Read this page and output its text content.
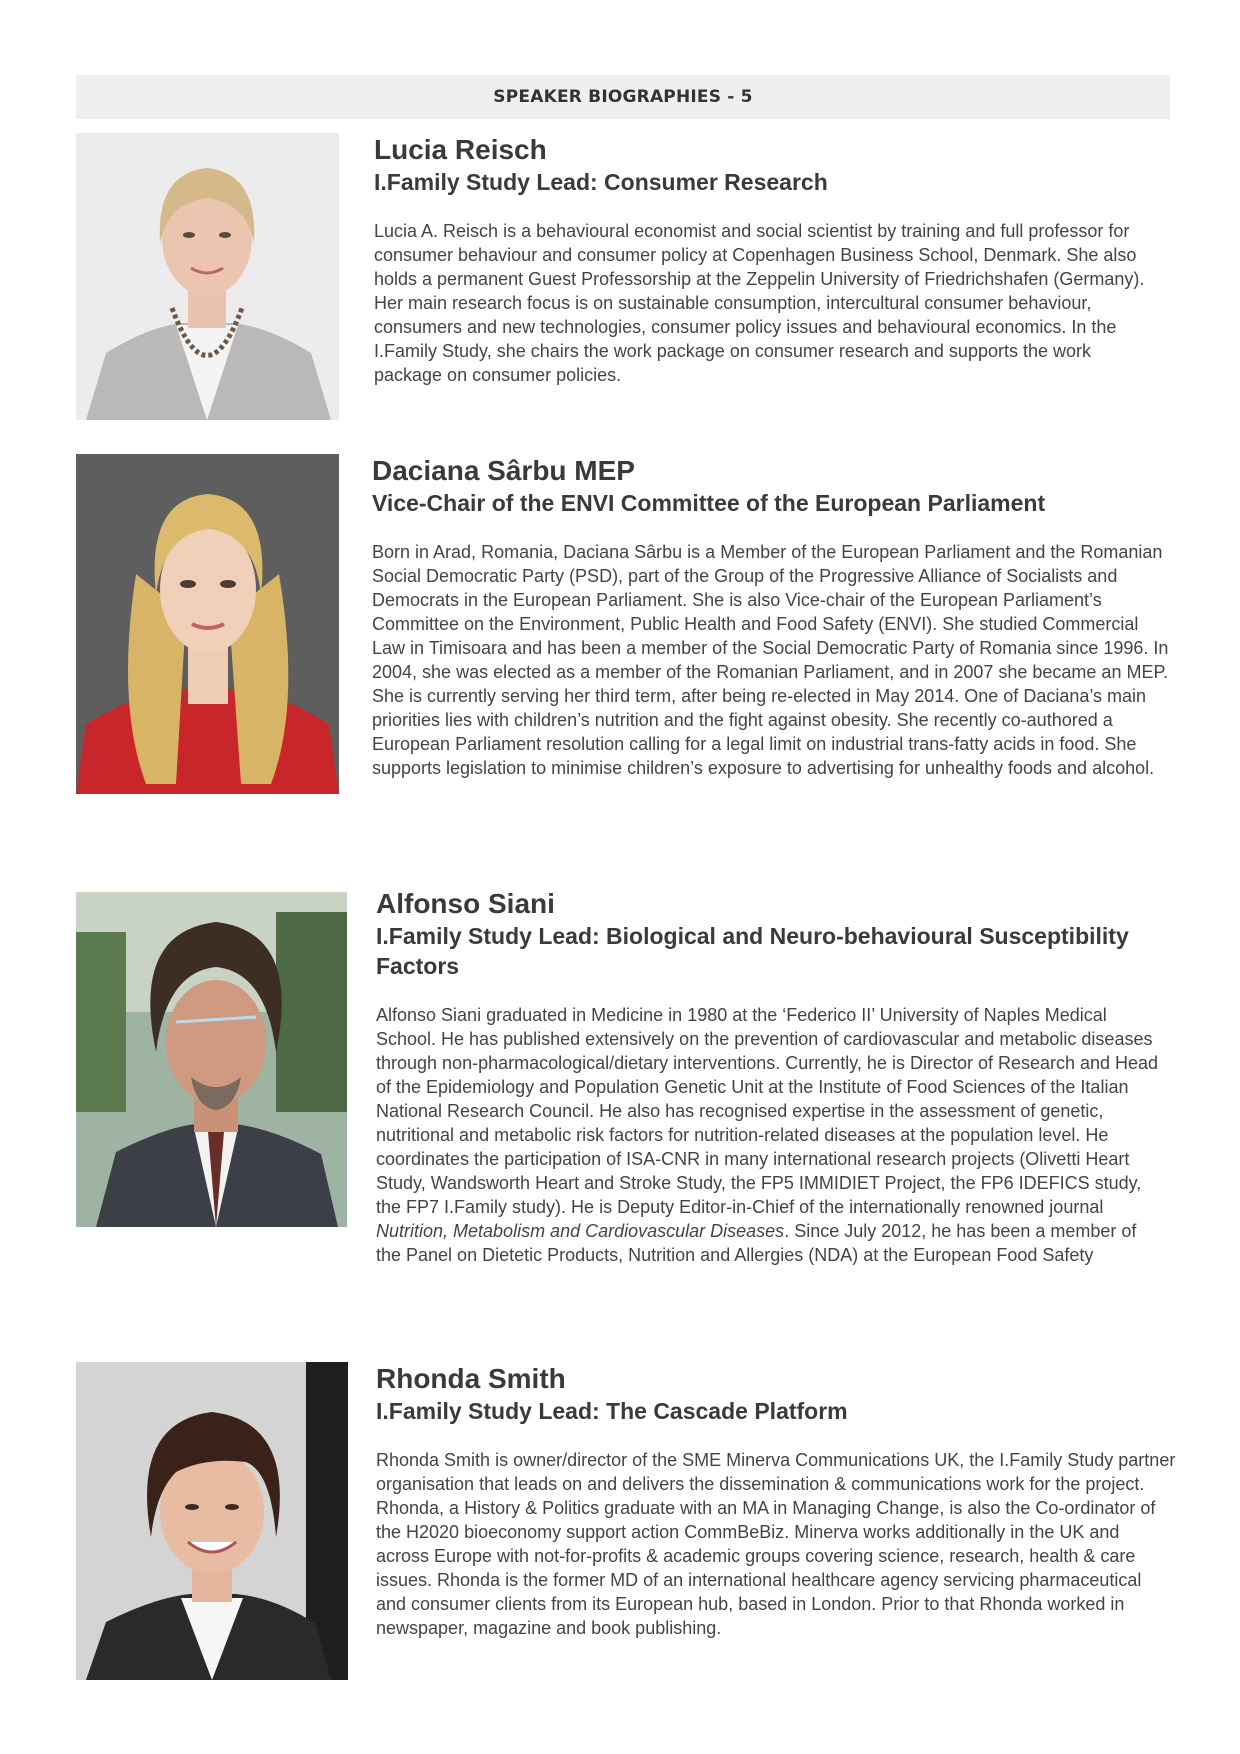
SPEAKER BIOGRAPHIES - 5
Lucia Reisch
I.Family Study Lead: Consumer Research

Lucia A. Reisch is a behavioural economist and social scientist by training and full professor for consumer behaviour and consumer policy at Copenhagen Business School, Denmark. She also holds a permanent Guest Professorship at the Zeppelin University of Friedrichshafen (Germany). Her main research focus is on sustainable consumption, intercultural consumer behaviour, consumers and new technologies, consumer policy issues and behavioural economics. In the I.Family Study, she chairs the work package on consumer research and supports the work package on consumer policies.

Daciana Sârbu MEP
Vice-Chair of the ENVI Committee of the European Parliament

Born in Arad, Romania, Daciana Sârbu is a Member of the European Parliament and the Romanian Social Democratic Party (PSD), part of the Group of the Progressive Alliance of Socialists and Democrats in the European Parliament. She is also Vice-chair of the European Parliament’s Committee on the Environment, Public Health and Food Safety (ENVI). She studied Commercial Law in Timisoara and has been a member of the Social Democratic Party of Romania since 1996. In 2004, she was elected as a member of the Romanian Parliament, and in 2007 she became an MEP. She is currently serving her third term, after being re-elected in May 2014. One of Daciana’s main priorities lies with children’s nutrition and the fight against obesity. She recently co-authored a European Parliament resolution calling for a legal limit on industrial trans-fatty acids in food. She supports legislation to minimise children’s exposure to advertising for unhealthy foods and alcohol.

Alfonso Siani
I.Family Study Lead: Biological and Neuro-behavioural Susceptibility Factors

Alfonso Siani graduated in Medicine in 1980 at the ‘Federico II’ University of Naples Medical School. He has published extensively on the prevention of cardiovascular and metabolic diseases through non-pharmacological/dietary interventions. Currently, he is Director of Research and Head of the Epidemiology and Population Genetic Unit at the Institute of Food Sciences of the Italian National Research Council. He also has recognised expertise in the assessment of genetic, nutritional and metabolic risk factors for nutrition-related diseases at the population level. He coordinates the participation of ISA-CNR in many international research projects (Olivetti Heart Study, Wandsworth Heart and Stroke Study, the FP5 IMMIDIET Project, the FP6 IDEFICS study, the FP7 I.Family study). He is Deputy Editor-in-Chief of the internationally renowned journal Nutrition, Metabolism and Cardiovascular Diseases. Since July 2012, he has been a member of the Panel on Dietetic Products, Nutrition and Allergies (NDA) at the European Food Safety

Rhonda Smith
I.Family Study Lead: The Cascade Platform

Rhonda Smith is owner/director of the SME Minerva Communications UK, the I.Family Study partner organisation that leads on and delivers the dissemination & communications work for the project. Rhonda, a History & Politics graduate with an MA in Managing Change, is also the Co-ordinator of the H2020 bioeconomy support action CommBeBiz. Minerva works additionally in the UK and across Europe with not-for-profits & academic groups covering science, research, health & care issues. Rhonda is the former MD of an international healthcare agency servicing pharmaceutical and consumer clients from its European hub, based in London. Prior to that Rhonda worked in newspaper, magazine and book publishing.
